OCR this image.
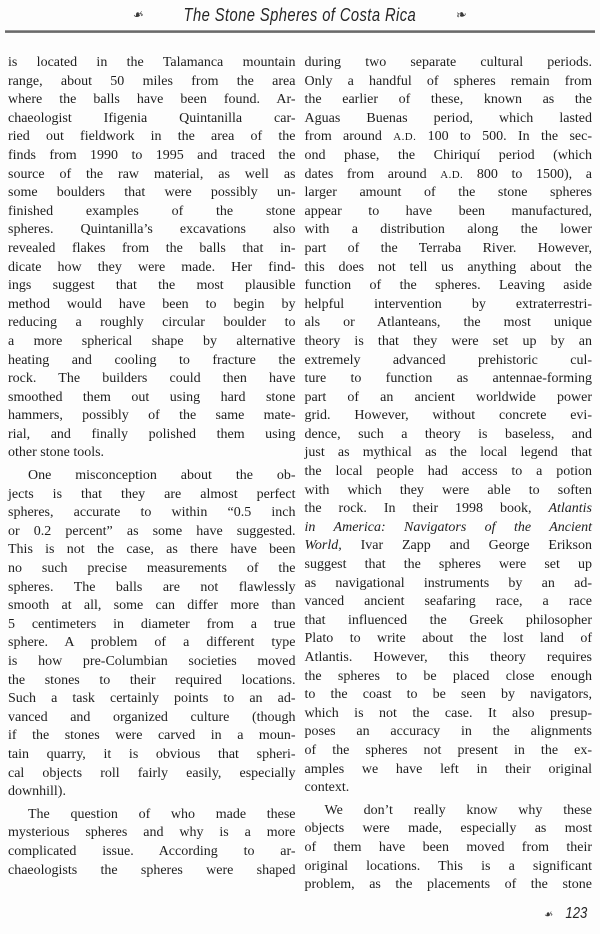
❧ The Stone Spheres of Costa Rica	❧
is located in the Talamanca mountain
range, about 50 miles from the area
where the balls have been found. Ar-
chaeologist Ifigenia Quintanilla car-
ried out fieldwork in the area of the
finds from 1990 to 1995 and traced the
source of the raw material, as well as
some boulders that were possibly un-
finished examples of the stone
spheres. Quintanilla’s excavations also
revealed flakes from the balls that in-
dicate how they were made. Her find-
ings suggest that the most plausible
method would have been to begin by
reducing a roughly circular boulder to
a more spherical shape by alternative
heating and cooling to fracture the
rock. The builders could then have
smoothed them out using hard stone
hammers, possibly of the same mate-
rial, and finally polished them using
other stone tools.
One misconception about the ob-
jects is that they are almost perfect
spheres, accurate to within “0.5 inch
or 0.2 percent” as some have suggested.
This is not the case, as there have been
no such precise measurements of the
spheres. The balls are not flawlessly
smooth at all, some can differ more than
5 centimeters in diameter from a true
sphere. A problem of a different type
is how pre-Columbian societies moved
the stones to their required locations.
Such a task certainly points to an ad-
vanced and organized culture (though
if the stones were carved in a moun-
tain quarry, it is obvious that spheri-
cal objects roll fairly easily, especially
downhill).
The question of who made these
mysterious spheres and why is a more
complicated issue. According to ar-
chaeologists the spheres were shaped
during two separate cultural periods.
Only a handful of spheres remain from
the earlier of these, known as the
Aguas Buenas period, which lasted
from around A.D. 100 to 500. In the sec-
ond phase, the Chiriquí period (which
dates from around A.D. 800 to 1500), a
larger amount of the stone spheres
appear to have been manufactured,
with a distribution along the lower
part of the Terraba River. However,
this does not tell us anything about the
function of the spheres. Leaving aside
helpful intervention by extraterrestri-
als or Atlanteans, the most unique
theory is that they were set up by an
extremely advanced prehistoric cul-
ture to function as antennae-forming
part of an ancient worldwide power
grid. However, without concrete evi-
dence, such a theory is baseless, and
just as mythical as the local legend that
the local people had access to a potion
with which they were able to soften
the rock. In their 1998 book, Atlantis
in America: Navigators of the Ancient
World, Ivar Zapp and George Erikson
suggest that the spheres were set up
as navigational instruments by an ad-
vanced ancient seafaring race, a race
that influenced the Greek philosopher
Plato to write about the lost land of
Atlantis. However, this theory requires
the spheres to be placed close enough
to the coast to be seen by navigators,
which is not the case. It also presup-
poses an accuracy in the alignments
of the spheres not present in the ex-
amples we have left in their original
context.
We don’t really know why these
objects were made, especially as most
of them have been moved from their
original locations. This is a significant
problem, as the placements of the stone
❧ 123
